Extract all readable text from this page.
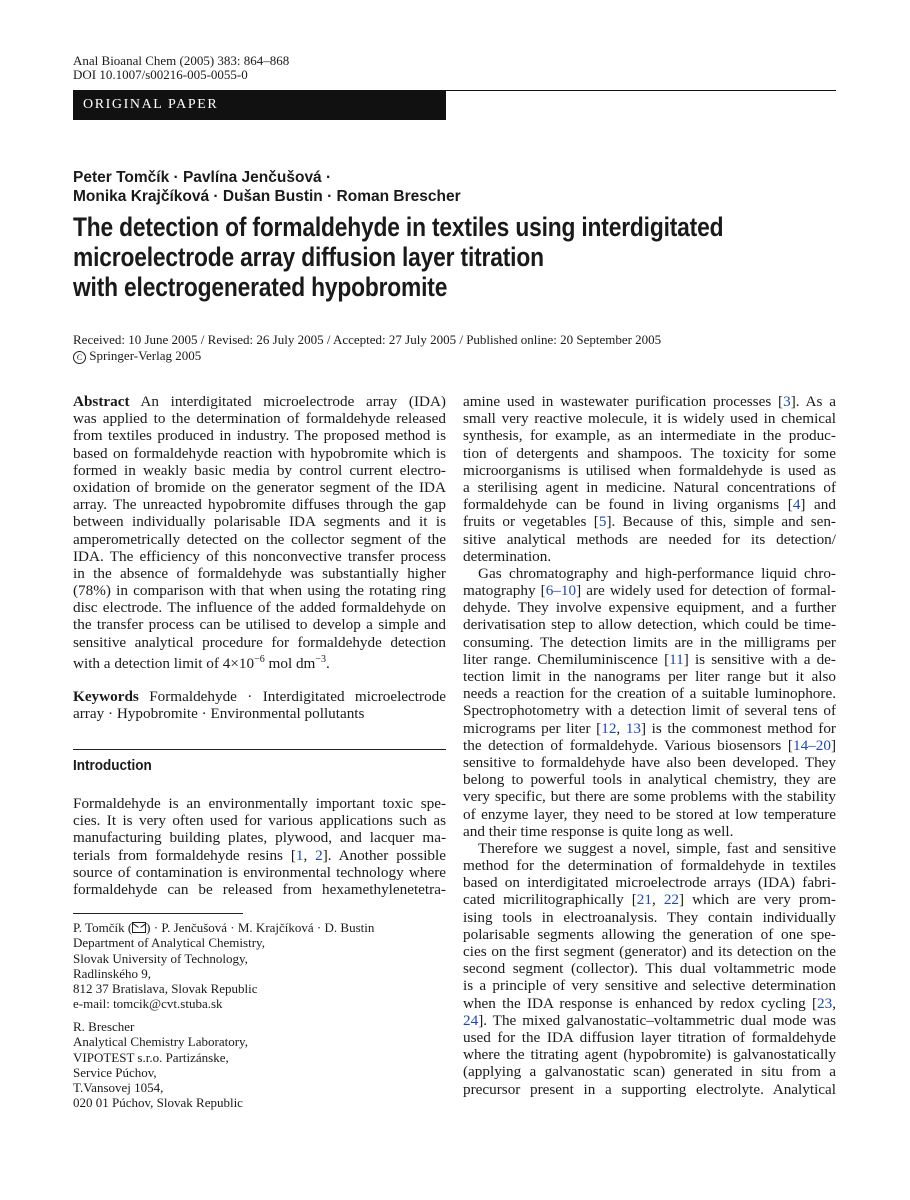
Anal Bioanal Chem (2005) 383: 864–868
DOI 10.1007/s00216-005-0055-0
ORIGINAL PAPER
Peter Tomčík · Pavlína Jenčušová ·
Monika Krajčíková · Dušan Bustin · Roman Brescher
The detection of formaldehyde in textiles using interdigitated
microelectrode array diffusion layer titration
with electrogenerated hypobromite
Received: 10 June 2005 / Revised: 26 July 2005 / Accepted: 27 July 2005 / Published online: 20 September 2005
C Springer-Verlag 2005
Abstract An interdigitated microelectrode array (IDA)
was applied to the determination of formaldehyde released
from textiles produced in industry. The proposed method is
based on formaldehyde reaction with hypobromite which is
formed in weakly basic media by control current electro-
oxidation of bromide on the generator segment of the IDA
array. The unreacted hypobromite diffuses through the gap
between individually polarisable IDA segments and it is
amperometrically detected on the collector segment of the
IDA. The efficiency of this nonconvective transfer process
in the absence of formaldehyde was substantially higher
(78%) in comparison with that when using the rotating ring
disc electrode. The influence of the added formaldehyde on
the transfer process can be utilised to develop a simple and
sensitive analytical procedure for formaldehyde detection
with a detection limit of $4\times 10^{-6}$ mol $dm^{-3}$.
Keywords Formaldehyde · Interdigitated microelectrode
array · Hypobromite · Environmental pollutants
Introduction
Formaldehyde is an environmentally important toxic spe-
cies. It is very often used for various applications such as
manufacturing building plates, plywood, and lacquer ma-
terials from formaldehyde resins [1, 2]. Another possible
source of contamination is environmental technology where
formaldehyde can be released from hexamethylenetetra-
P. Tomčík ( ) · P. Jenčušová · M. Krajčíková · D. Bustin
Department of Analytical Chemistry,
Slovak University of Technology,
Radlinského 9,
812 37 Bratislava, Slovak Republic
e-mail: tomcik@cvt.stuba.sk
R. Brescher
Analytical Chemistry Laboratory,
VIPOTEST s.r.o. Partizánske,
Service Púchov,
T.Vansovej 1054,
020 01 Púchov, Slovak Republic
amine used in wastewater purification processes [3]. As a
small very reactive molecule, it is widely used in chemical
synthesis, for example, as an intermediate in the produc-
tion of detergents and shampoos. The toxicity for some
microorganisms is utilised when formaldehyde is used as
a sterilising agent in medicine. Natural concentrations of
formaldehyde can be found in living organisms [4] and
fruits or vegetables [5]. Because of this, simple and sen-
sitive analytical methods are needed for its detection/
determination.
Gas chromatography and high-performance liquid chro-
matography [6–10] are widely used for detection of formal-
dehyde. They involve expensive equipment, and a further
derivatisation step to allow detection, which could be time-
consuming. The detection limits are in the milligrams per
liter range. Chemiluminiscence [11] is sensitive with a de-
tection limit in the nanograms per liter range but it also
needs a reaction for the creation of a suitable luminophore.
Spectrophotometry with a detection limit of several tens of
micrograms per liter [12, 13] is the commonest method for
the detection of formaldehyde. Various biosensors [14–20]
sensitive to formaldehyde have also been developed. They
belong to powerful tools in analytical chemistry, they are
very specific, but there are some problems with the stability
of enzyme layer, they need to be stored at low temperature
and their time response is quite long as well.
Therefore we suggest a novel, simple, fast and sensitive
method for the determination of formaldehyde in textiles
based on interdigitated microelectrode arrays (IDA) fabri-
cated micrilitographically [21, 22] which are very prom-
ising tools in electroanalysis. They contain individually
polarisable segments allowing the generation of one spe-
cies on the first segment (generator) and its detection on the
second segment (collector). This dual voltammetric mode
is a principle of very sensitive and selective determination
when the IDA response is enhanced by redox cycling [23,
24]. The mixed galvanostatic–voltammetric dual mode was
used for the IDA diffusion layer titration of formaldehyde
where the titrating agent (hypobromite) is galvanostatically
(applying a galvanostatic scan) generated in situ from a
precursor present in a supporting electrolyte. Analytical
